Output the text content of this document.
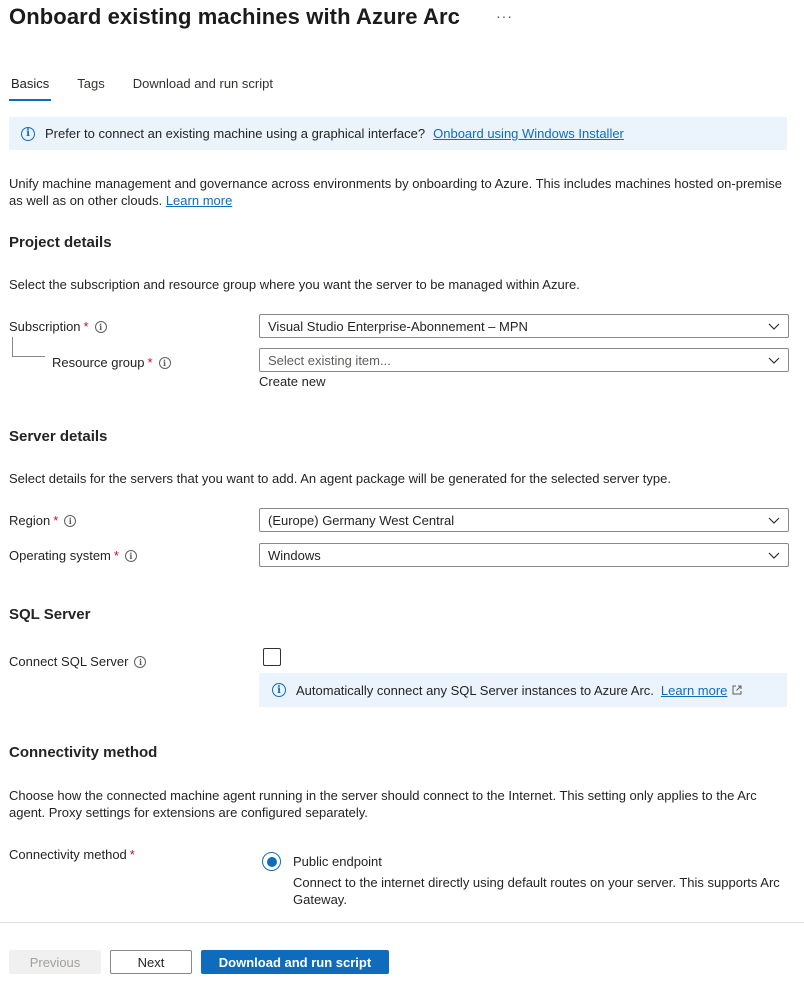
Onboard existing machines with Azure Arc	···
Basics Tags Download and run script
i	Prefer to connect an existing machine using a graphical interface? Onboard using Windows Installer
Unify machine management and governance across environments by onboarding to Azure. This includes machines hosted on-premise
as well as on other clouds. Learn more
Project details
Select the subscription and resource group where you want the server to be managed within Azure.
Subscription *	i	Visual Studio Enterprise-Abonnement – MPN
Resource group *	i	Select existing item...
Create new
Server details
Select details for the servers that you want to add. An agent package will be generated for the selected server type.
Region *	i	(Europe) Germany West Central
Operating system *	i	Windows
SQL Server
Connect SQL Server	i
i	Automatically connect any SQL Server instances to Azure Arc. Learn more
Connectivity method
Choose how the connected machine agent running in the server should connect to the Internet. This setting only applies to the Arc
agent. Proxy settings for extensions are configured separately.
Connectivity method *	Public endpoint
Connect to the internet directly using default routes on your server. This supports Arc
Gateway.
Previous	Next	Download and run script
